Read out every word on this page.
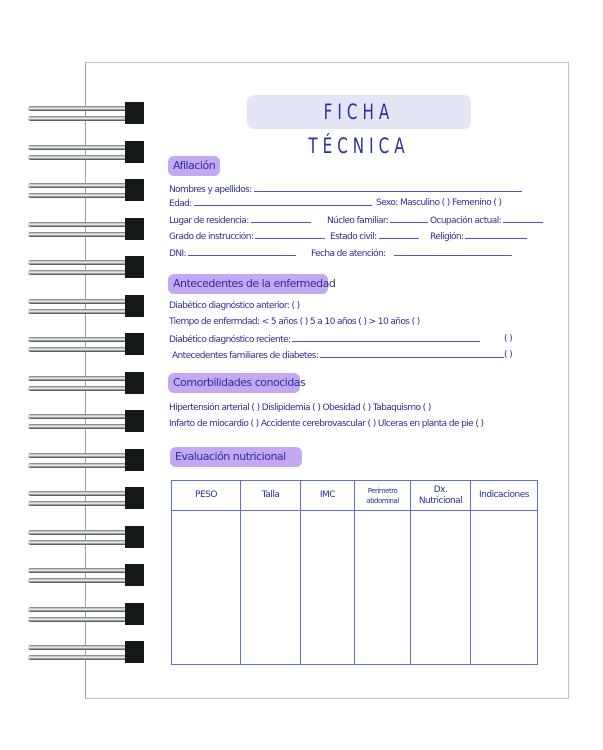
FICHA TÉCNICA
Afilación
Nombres y apellidos:
Edad:	Sexo: Masculino ( ) Femenino ( )
Lugar de residencia:	Núcleo familiar:	Ocupación actual:
Grado de instrucción:	Estado civil:	Religión:
DNI:	Fecha de atención:
Antecedentes de la enfermedad
Diabético diagnóstico anterior: ( )
Tiempo de enfermdad: < 5 años ( ) 5 a 10 años ( ) > 10 años ( )
Diabético diagnóstico reciente:	( )
Antecedentes familiares de diabetes:	( )
Comorbilidades conocidas
Hipertensión arterial ( ) Dislipidemia ( ) Obesidad ( ) Tabaquismo ( )
Infarto de miocardio ( ) Accidente cerebrovascular ( ) Ulceras en planta de pie ( )
Evaluación nutricional
PESO	Talla	IMC	Perimetro abdominal	Dx. Nutricional	Indicaciones
